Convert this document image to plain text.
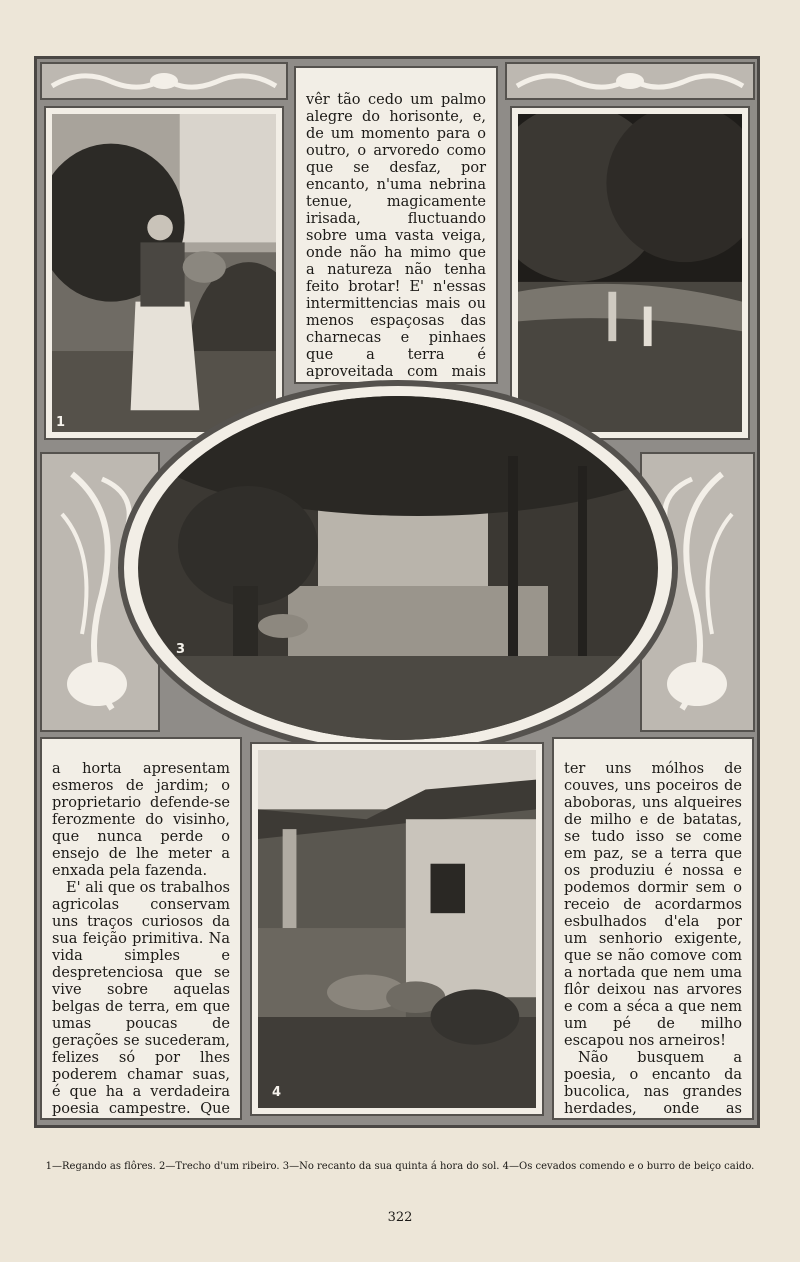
1

vêr tão cedo um palmo alegre do horisonte, e, de um momento para o outro, o arvoredo como que se desfaz, por encanto, n'uma nebrina tenue, magicamente irisada, fluctuando sobre uma vasta veiga, onde não ha mimo que a natureza não tenha feito brotar! E' n'essas intermittencias mais ou menos espaçosas das charnecas e pinhaes que a terra é aproveitada com mais

3

a horta apresentam esmeros de jardim; o proprietario defende-se ferozmente do visinho, que nunca perde o ensejo de lhe meter a enxada pela fazenda.

E' ali que os trabalhos agricolas conservam uns traços curiosos da sua feição primitiva. Na vida simples e despretenciosa que se vive sobre aquelas belgas de terra, em que umas poucas de gerações se sucederam, felizes só por lhes poderem chamar suas, é que ha a verdadeira poesia campestre. Que

4

ter uns mólhos de couves, uns poceiros de aboboras, uns alqueires de milho e de batatas, se tudo isso se come em paz, se a terra que os produziu é nossa e podemos dormir sem o receio de acordarmos esbulhados d'ela por um senhorio exigente, que se não comove com a nortada que nem uma flôr deixou nas arvores e com a séca a que nem um pé de milho escapou nos arneiros!

Não busquem a poesia, o encanto da bucolica, nas grandes herdades, onde as

1—Regando as flôres. 2—Trecho d'um ribeiro. 3—No recanto da sua quinta á hora do sol. 4—Os cevados comendo e o burro de beiço caido.
322
